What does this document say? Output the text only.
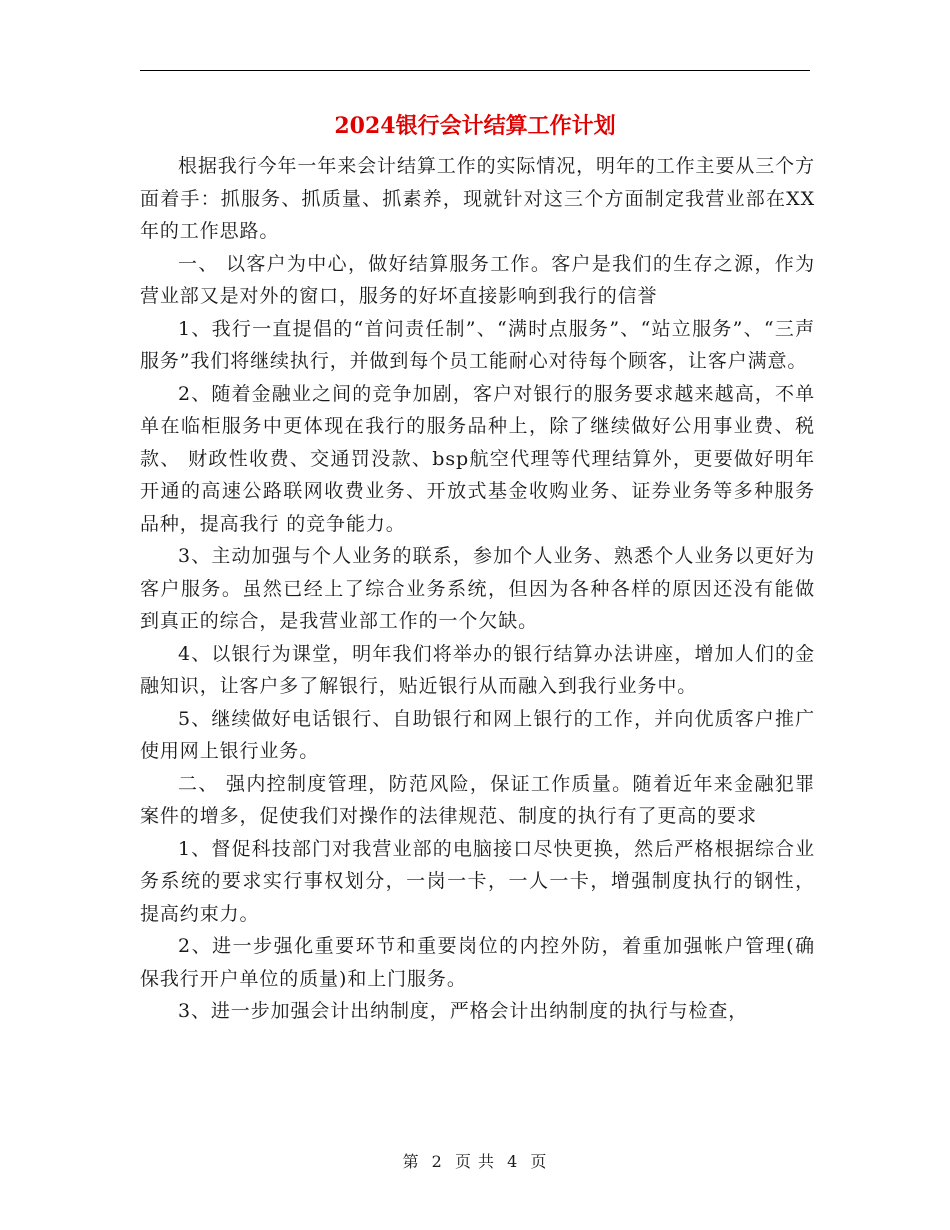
2024银行会计结算工作计划

根据我行今年一年来会计结算工作的实际情况，明年的工作主要从三个方面着手：抓服务、抓质量、抓素养，现就针对这三个方面制定我营业部在XX年的工作思路。

一、 以客户为中心，做好结算服务工作。客户是我们的生存之源，作为营业部又是对外的窗口，服务的好坏直接影响到我行的信誉

1、我行一直提倡的“首问责任制”、“满时点服务”、“站立服务”、“三声服务”我们将继续执行，并做到每个员工能耐心对待每个顾客，让客户满意。

2、随着金融业之间的竞争加剧，客户对银行的服务要求越来越高，不单单在临柜服务中更体现在我行的服务品种上，除了继续做好公用事业费、税款、 财政性收费、交通罚没款、bsp航空代理等代理结算外，更要做好明年开通的高速公路联网收费业务、开放式基金收购业务、证券业务等多种服务品种，提高我行 的竞争能力。

3、主动加强与个人业务的联系，参加个人业务、熟悉个人业务以更好为客户服务。虽然已经上了综合业务系统，但因为各种各样的原因还没有能做到真正的综合，是我营业部工作的一个欠缺。

4、以银行为课堂，明年我们将举办的银行结算办法讲座，增加人们的金融知识，让客户多了解银行，贴近银行从而融入到我行业务中。

5、继续做好电话银行、自助银行和网上银行的工作，并向优质客户推广使用网上银行业务。

二、 强内控制度管理，防范风险，保证工作质量。随着近年来金融犯罪案件的增多，促使我们对操作的法律规范、制度的执行有了更高的要求

1、督促科技部门对我营业部的电脑接口尽快更换，然后严格根据综合业务系统的要求实行事权划分，一岗一卡，一人一卡，增强制度执行的钢性，提高约束力。

2、进一步强化重要环节和重要岗位的内控外防，着重加强帐户管理(确保我行开户单位的质量)和上门服务。

3、进一步加强会计出纳制度，严格会计出纳制度的执行与检查，

第 2 页 共 4 页
